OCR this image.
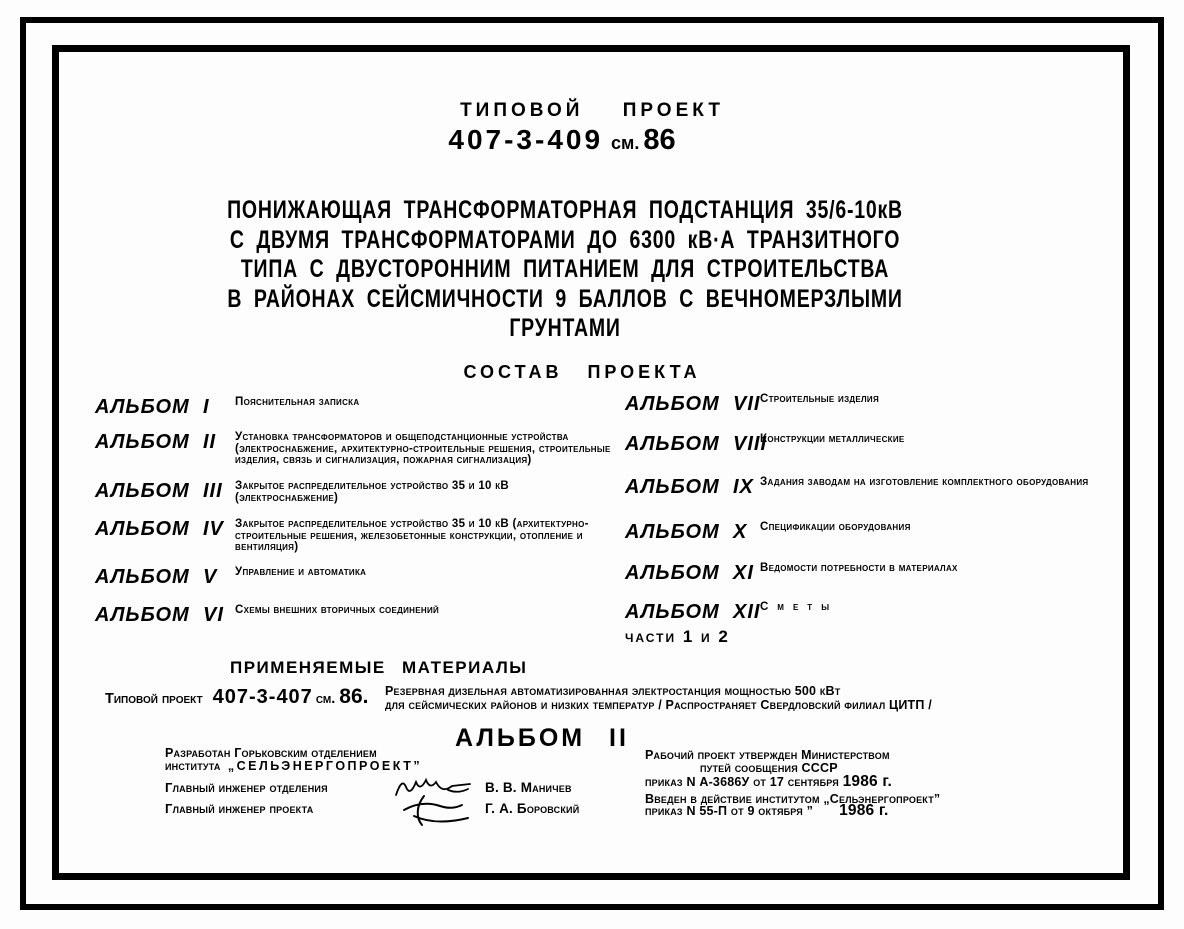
ТИПОВОЙ ПРОЕКТ
407-3-409 см. 86
ПОНИЖАЮЩАЯ ТРАНСФОРМАТОРНАЯ ПОДСТАНЦИЯ 35/6-10кВ
С ДВУМЯ ТРАНСФОРМАТОРАМИ ДО 6300 кВ·А ТРАНЗИТНОГО
ТИПА С ДВУСТОРОННИМ ПИТАНИЕМ ДЛЯ СТРОИТЕЛЬСТВА
В РАЙОНАХ СЕЙСМИЧНОСТИ 9 БАЛЛОВ С ВЕЧНОМЕРЗЛЫМИ
ГРУНТАМИ
СОСТАВ ПРОЕКТА
АЛЬБОМ I Пояснительная записка
АЛЬБОМ II Установка трансформаторов и общеподстанционные устройства (электроснабжение, архитектурно-строительные решения, строительные изделия, связь и сигнализация, пожарная сигнализация)
АЛЬБОМ III Закрытое распределительное устройство 35 и 10 кВ (электроснабжение)
АЛЬБОМ IV Закрытое распределительное устройство 35 и 10 кВ (архитектурно-строительные решения, железобетонные конструкции, отопление и вентиляция)
АЛЬБОМ V Управление и автоматика
АЛЬБОМ VI Схемы внешних вторичных соединений
АЛЬБОМ VII Строительные изделия
АЛЬБОМ VIII
Конструкции металлические
АЛЬБОМ IX Задания заводам на изготовление комплектного оборудования
АЛЬБОМ X Спецификации оборудования
АЛЬБОМ XI Ведомости потребности в материалах
АЛЬБОМ XII Сметы
части 1 и 2
ПРИМЕНЯЕМЫЕ МАТЕРИАЛЫ
Типовой проект 407-3-407 см. 86. Резервная дизельная автоматизированная электростанция мощностью 500 кВт
для сейсмических районов и низких температур / Распространяет Свердловский филиал ЦИТП /
АЛЬБОМ II
Разработан Горьковским отделением
института „СЕЛЬЭНЕРГОПРОЕКТ”
Главный инженер отделения	В. В. Маничев
Главный инженер проекта	Г. А. Боровский
Рабочий проект утвержден Министерством
путей сообщения СССР
приказ N А-3686У от 17 сентября 1986 г.
Введен в действие институтом „Сельэнергопроект”
приказ N 55-П от 9 октября ” 1986 г.
